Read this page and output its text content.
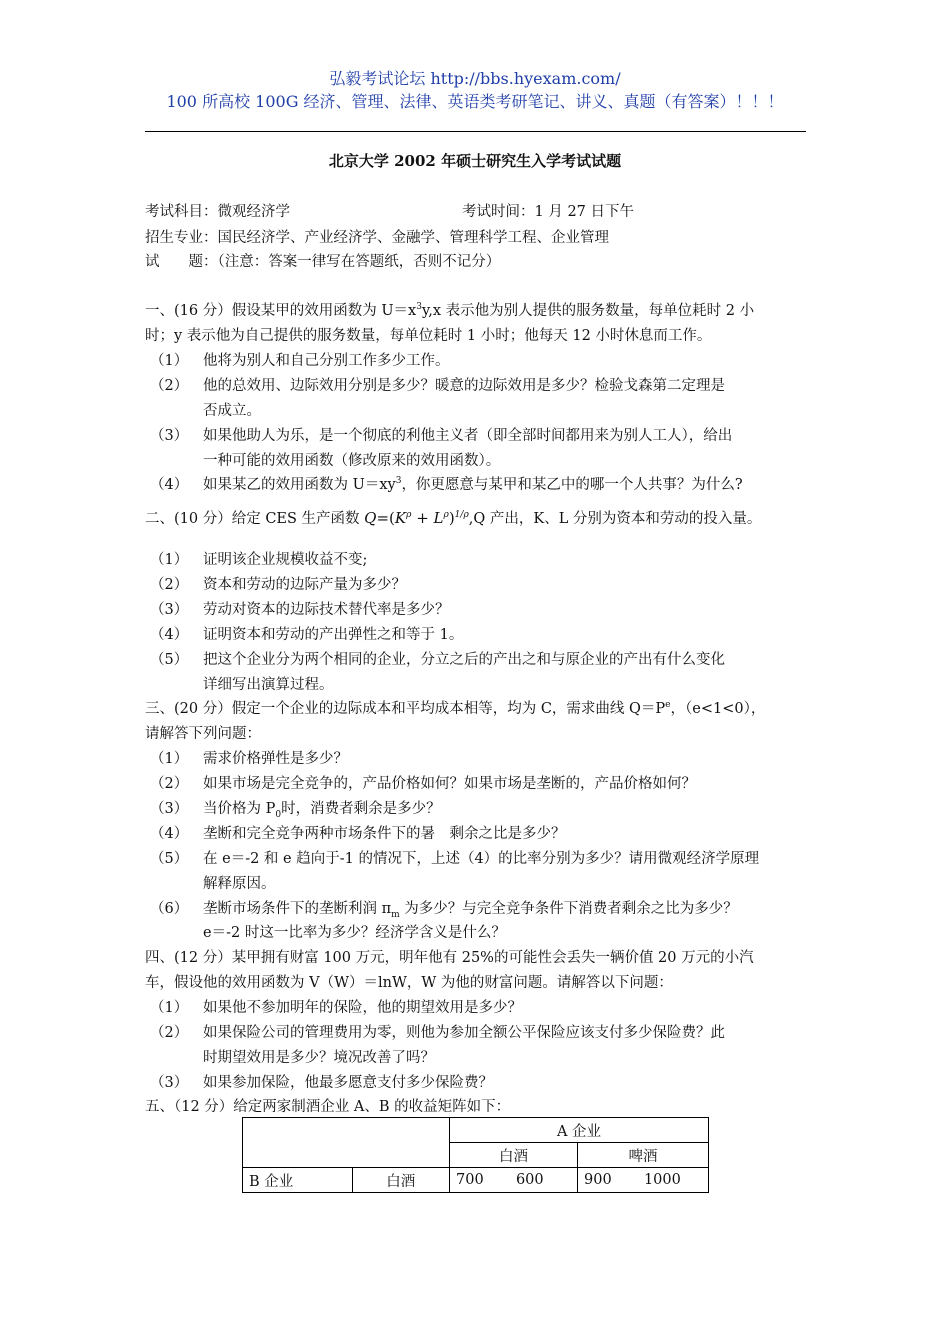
弘毅考试论坛 http://bbs.hyexam.com/
100 所高校 100G 经济、管理、法律、英语类考研笔记、讲义、真题（有答案）！！！
北京大学 2002 年硕士研究生入学考试试题
考试科目：微观经济学	考试时间：1 月 27 日下午
招生专业：国民经济学、产业经济学、金融学、管理科学工程、企业管理
试　　题：（注意：答案一律写在答题纸，否则不记分）
一、(16 分）假设某甲的效用函数为 $U=x^3y,x$ 表示他为别人提供的服务数量，每单位耗时 2 小
时；y 表示他为自己提供的服务数量，每单位耗时 1 小时；他每天 12 小时休息而工作。
（1） 他将为别人和自己分别工作多少工作。
（2） 他的总效用、边际效用分别是多少？暖意的边际效用是多少？检验戈森第二定理是
否成立。
（3） 如果他助人为乐，是一个彻底的利他主义者（即全部时间都用来为别人工人），给出
一种可能的效用函数（修改原来的效用函数）。
（4） 如果某乙的效用函数为 $U=xy^3$，你更愿意与某甲和某乙中的哪一个人共事？为什么?
二、(10 分）给定 CES 生产函数 $Q=(K^\rho + L^\rho)^{1/\rho},Q$ 产出，K、L 分别为资本和劳动的投入量。
（1） 证明该企业规模收益不变;
（2） 资本和劳动的边际产量为多少？
（3） 劳动对资本的边际技术替代率是多少？
（4） 证明资本和劳动的产出弹性之和等于 1。
（5） 把这个企业分为两个相同的企业，分立之后的产出之和与原企业的产出有什么变化
详细写出演算过程。
三、(20 分）假定一个企业的边际成本和平均成本相等，均为 C，需求曲线 $Q=P^e$，（e<1<0），
请解答下列问题：
（1） 需求价格弹性是多少？
（2） 如果市场是完全竞争的，产品价格如何？如果市场是垄断的，产品价格如何？
（3） 当价格为 $P_0$时，消费者剩余是多少？
（4） 垄断和完全竞争两种市场条件下的暑　剩余之比是多少？
（5） 在 e＝-2 和 e 趋向于-1 的情况下，上述（4）的比率分别为多少？请用微观经济学原理
解释原因。
（6） 垄断市场条件下的垄断利润 $\pi_m$ 为多少？与完全竞争条件下消费者剩余之比为多少？
e＝-2 时这一比率为多少？经济学含义是什么？
四、(12 分）某甲拥有财富 100 万元，明年他有 25%的可能性会丢失一辆价值 20 万元的小汽
车，假设他的效用函数为 V（W）＝lnW，W 为他的财富问题。请解答以下问题：
（1） 如果他不参加明年的保险，他的期望效用是多少？
（2） 如果保险公司的管理费用为零，则他为参加全额公平保险应该支付多少保险费？此
时期望效用是多少？境况改善了吗？
（3） 如果参加保险，他最多愿意支付多少保险费？
五、（12 分）给定两家制酒企业 A、B 的收益矩阵如下：
		A 企业	
		白酒	啤酒
B 企业	白酒	700 600	900 1000
